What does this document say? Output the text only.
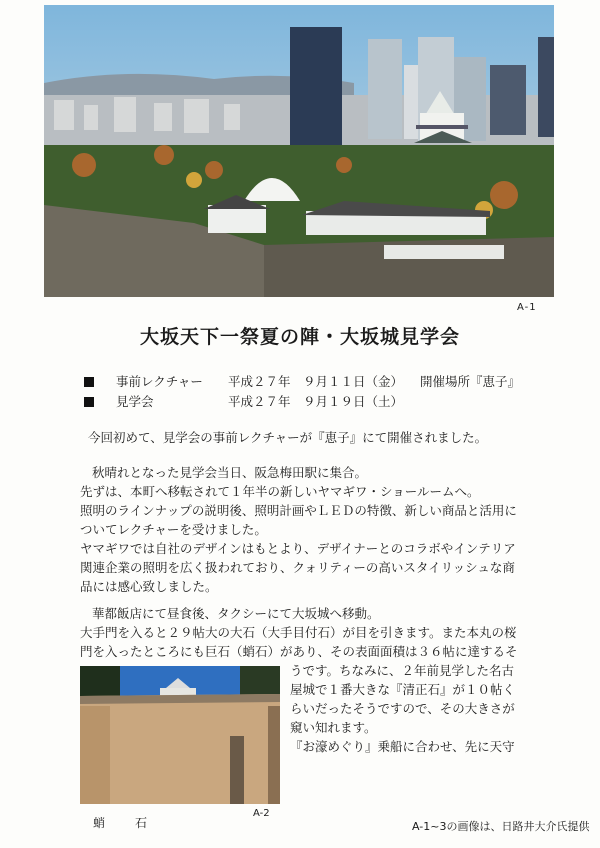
A-1
大坂天下一祭夏の陣・大坂城見学会
事前レクチャー 平成２７年　９月１１日（金） 開催場所『恵子』
見学会	平成２７年　９月１９日（土）
今回初めて、見学会の事前レクチャーが『恵子』にて開催されました。
秋晴れとなった見学会当日、阪急梅田駅に集合。
先ずは、本町へ移転されて１年半の新しいヤマギワ・ショールームへ。
照明のラインナップの説明後、照明計画やＬＥＤの特徴、新しい商品と活用に
ついてレクチャーを受けました。
ヤマギワでは自社のデザインはもとより、デザイナーとのコラボやインテリア
関連企業の照明を広く扱われており、クォリティーの高いスタイリッシュな商
品には感心致しました。
華都飯店にて昼食後、タクシーにて大坂城へ移動。
大手門を入ると２９帖大の大石（大手目付石）が目を引きます。また本丸の桜
門を入ったところにも巨石（蛸石）があり、その表面面積は３６帖に達するそ
うです。ちなみに、２年前見学した名古
屋城で１番大きな『清正石』が１０帖く
らいだったそうですので、その大きさが
窺い知れます。
『お濠めぐり』乗船に合わせ、先に天守
蛸　石
A-2
A-1~3の画像は、日路井大介氏提供
